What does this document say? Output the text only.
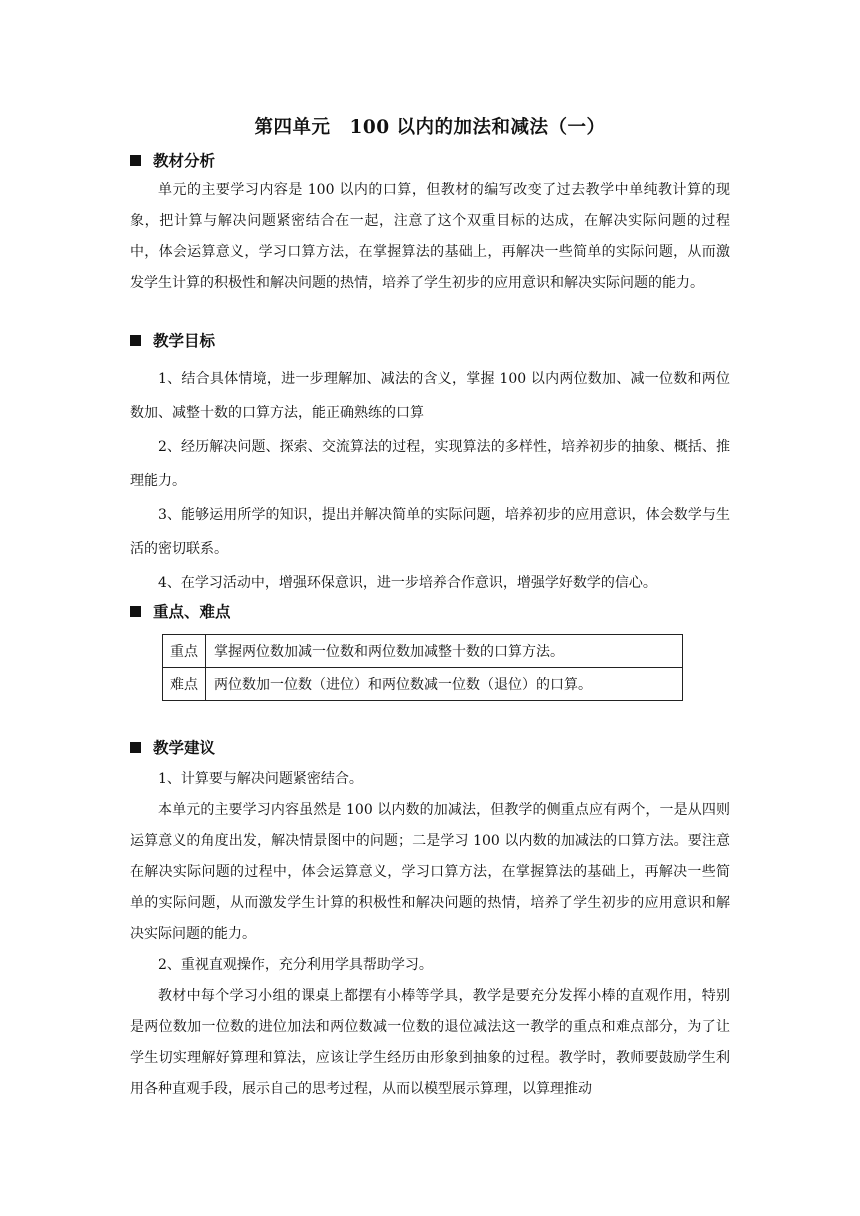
第四单元　100 以内的加法和减法（一）
教材分析

单元的主要学习内容是 100 以内的口算，但教材的编写改变了过去教学中单纯教计算的现象，把计算与解决问题紧密结合在一起，注意了这个双重目标的达成，在解决实际问题的过程中，体会运算意义，学习口算方法，在掌握算法的基础上，再解决一些简单的实际问题，从而激发学生计算的积极性和解决问题的热情，培养了学生初步的应用意识和解决实际问题的能力。

教学目标

1、结合具体情境，进一步理解加、减法的含义，掌握 100 以内两位数加、减一位数和两位数加、减整十数的口算方法，能正确熟练的口算

2、经历解决问题、探索、交流算法的过程，实现算法的多样性，培养初步的抽象、概括、推理能力。

3、能够运用所学的知识，提出并解决简单的实际问题，培养初步的应用意识，体会数学与生活的密切联系。

4、在学习活动中，增强环保意识，进一步培养合作意识，增强学好数学的信心。

重点、难点
重点	掌握两位数加减一位数和两位数加减整十数的口算方法。
难点	两位数加一位数（进位）和两位数减一位数（退位）的口算。
教学建议

1、计算要与解决问题紧密结合。

本单元的主要学习内容虽然是 100 以内数的加减法，但教学的侧重点应有两个，一是从四则运算意义的角度出发，解决情景图中的问题；二是学习 100 以内数的加减法的口算方法。要注意在解决实际问题的过程中，体会运算意义，学习口算方法，在掌握算法的基础上，再解决一些简单的实际问题，从而激发学生计算的积极性和解决问题的热情，培养了学生初步的应用意识和解决实际问题的能力。

2、重视直观操作，充分利用学具帮助学习。

教材中每个学习小组的课桌上都摆有小棒等学具，教学是要充分发挥小棒的直观作用，特别是两位数加一位数的进位加法和两位数减一位数的退位减法这一教学的重点和难点部分，为了让学生切实理解好算理和算法，应该让学生经历由形象到抽象的过程。教学时，教师要鼓励学生利用各种直观手段，展示自己的思考过程，从而以模型展示算理，以算理推动
